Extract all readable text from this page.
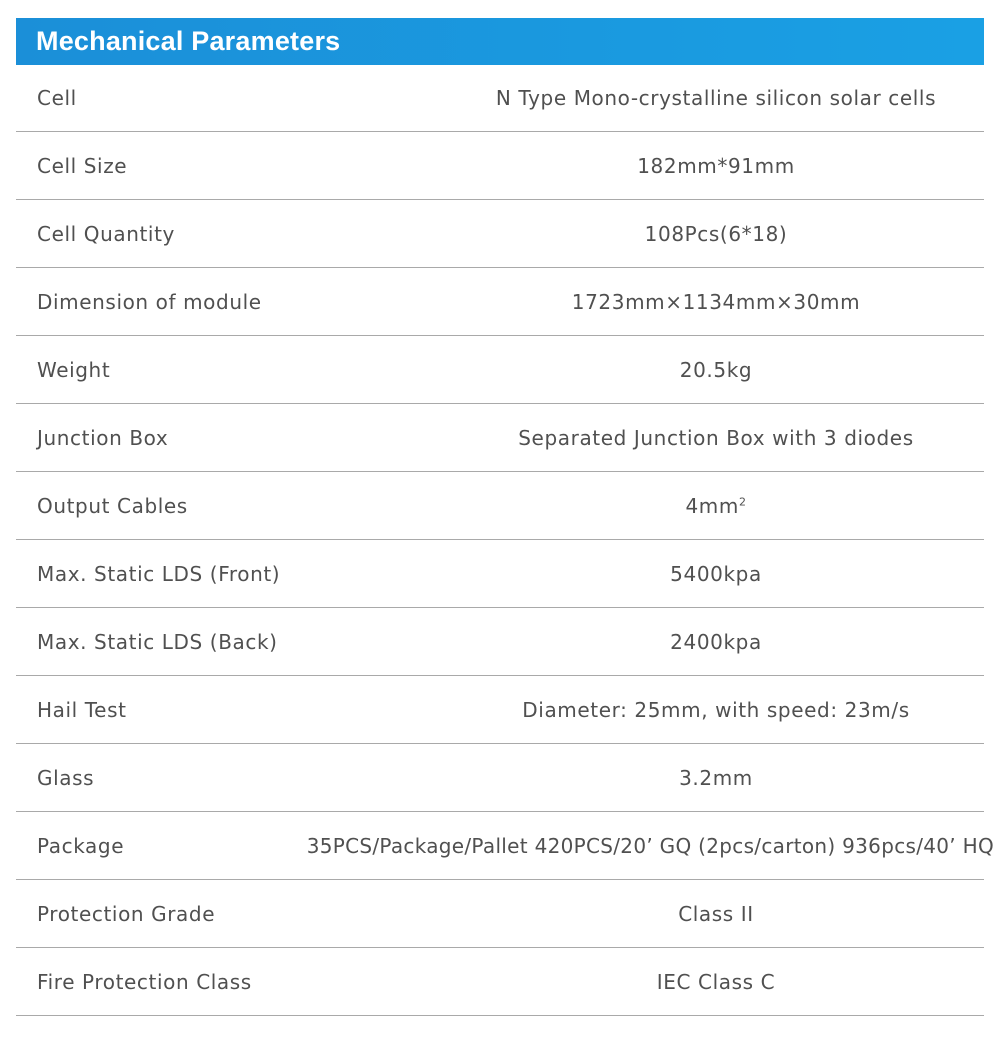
Mechanical Parameters
Cell	N Type Mono-crystalline silicon solar cells
Cell Size	182mm*91mm
Cell Quantity	108Pcs(6*18)
Dimension of module	1723mm×1134mm×30mm
Weight	20.5kg
Junction Box	Separated Junction Box with 3 diodes
Output Cables	$4mm^2$
Max. Static LDS (Front)	5400kpa
Max. Static LDS (Back)	2400kpa
Hail Test	Diameter: 25mm, with speed: 23m/s
Glass	3.2mm
Package	35PCS/Package/Pallet 420PCS/20’ GQ (2pcs/carton) 936pcs/40’ HQ
Protection Grade	Class II
Fire Protection Class	IEC Class C
